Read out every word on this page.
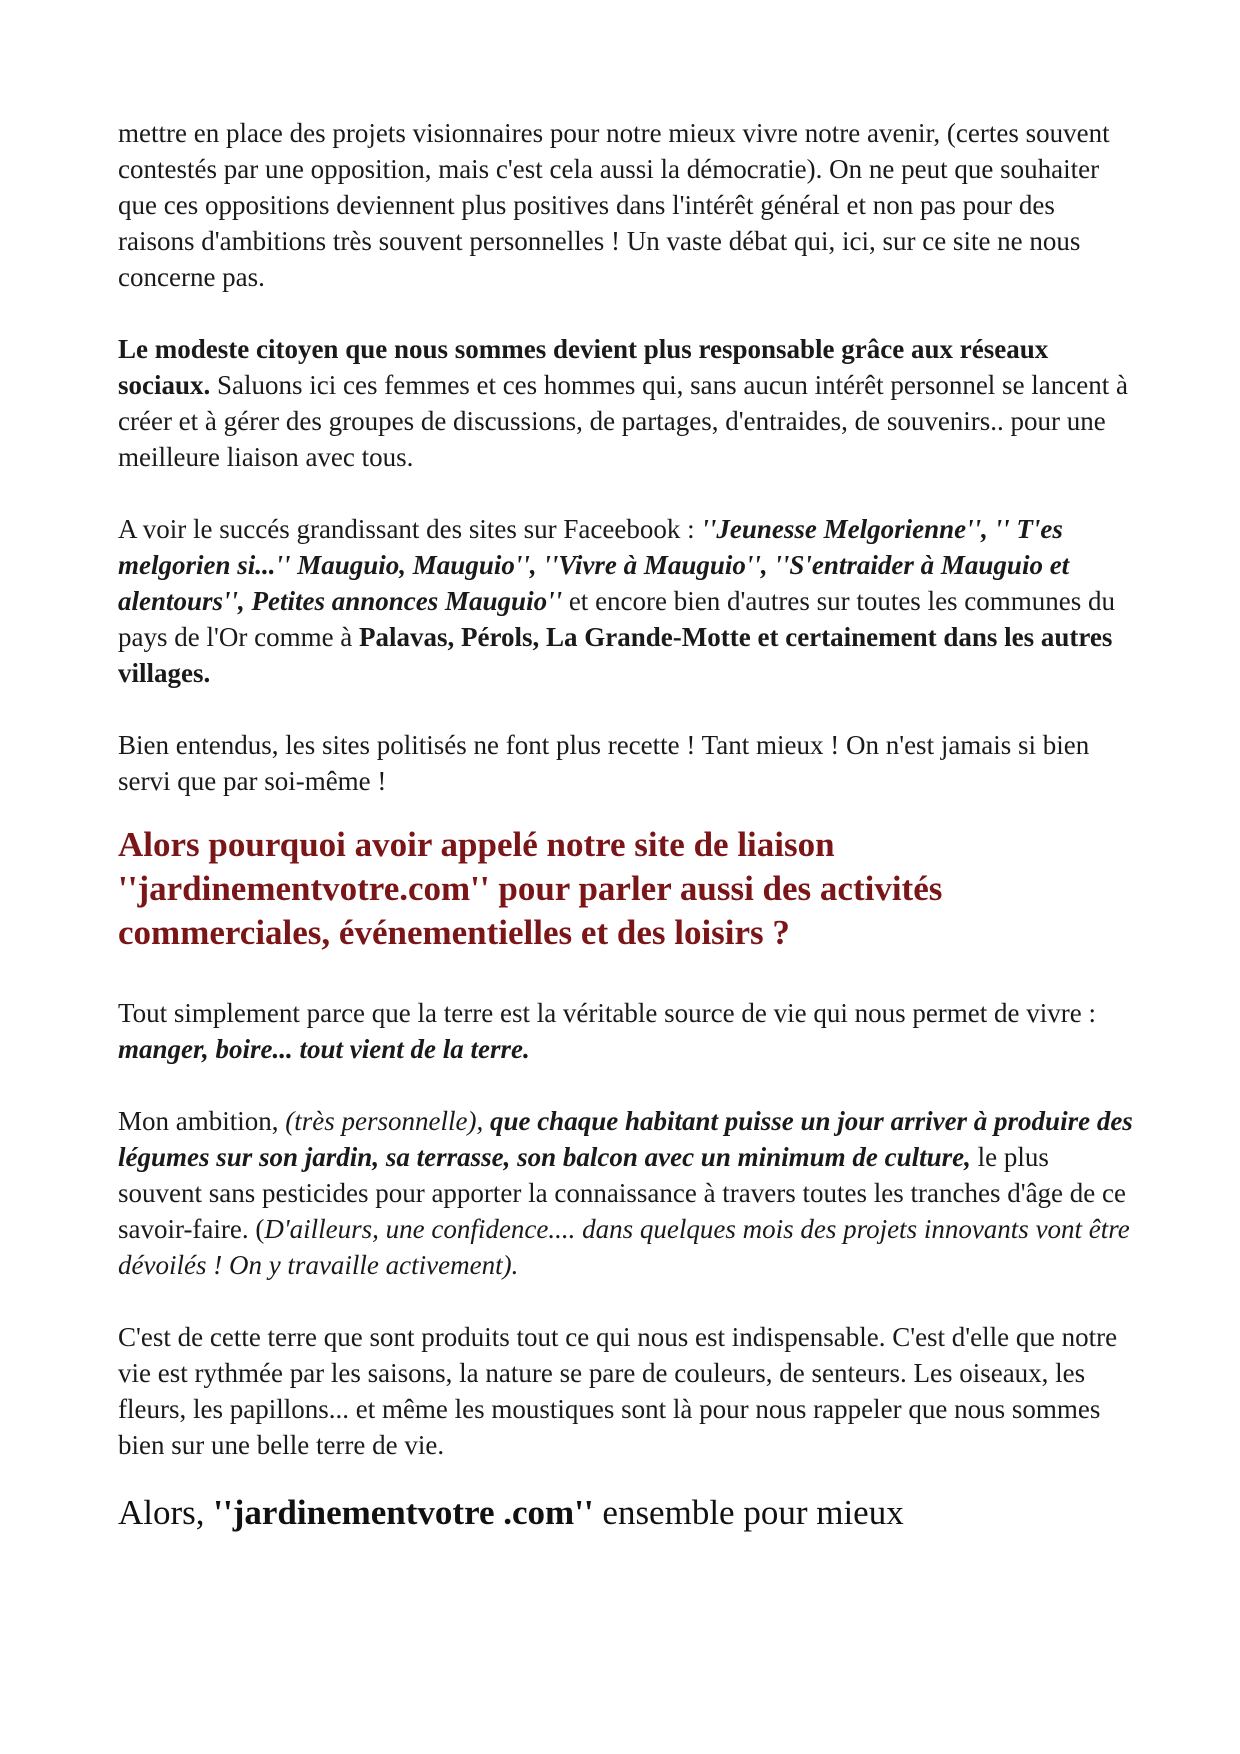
mettre en place des projets visionnaires pour notre mieux vivre notre avenir, (certes souvent contestés par une opposition, mais c'est cela aussi la démocratie). On ne peut que souhaiter que ces oppositions deviennent plus positives dans l'intérêt général et non pas pour des raisons d'ambitions très souvent personnelles ! Un vaste débat qui, ici, sur ce site ne nous concerne pas.

Le modeste citoyen que nous sommes devient plus responsable grâce aux réseaux sociaux. Saluons ici ces femmes et ces hommes qui, sans aucun intérêt personnel se lancent à créer et à gérer des groupes de discussions, de partages, d'entraides, de souvenirs.. pour une meilleure liaison avec tous.

A voir le succés grandissant des sites sur Faceebook : ''Jeunesse Melgorienne'', '' T'es melgorien si...'' Mauguio, Mauguio'', ''Vivre à Mauguio'', ''S'entraider à Mauguio et alentours'', Petites annonces Mauguio'' et encore bien d'autres sur toutes les communes du pays de l'Or comme à Palavas, Pérols, La Grande-Motte et certainement dans les autres villages.

Bien entendus, les sites politisés ne font plus recette ! Tant mieux ! On n'est jamais si bien servi que par soi-même !

Alors pourquoi avoir appelé notre site de liaison ''jardinementvotre.com'' pour parler aussi des activités commerciales, événementielles et des loisirs ?

Tout simplement parce que la terre est la véritable source de vie qui nous permet de vivre : manger, boire... tout vient de la terre.

Mon ambition, (très personnelle), que chaque habitant puisse un jour arriver à produire des légumes sur son jardin, sa terrasse, son balcon avec un minimum de culture, le plus souvent sans pesticides pour apporter la connaissance à travers toutes les tranches d'âge de ce savoir-faire. (D'ailleurs, une confidence.... dans quelques mois des projets innovants vont être dévoilés ! On y travaille activement).

C'est de cette terre que sont produits tout ce qui nous est indispensable. C'est d'elle que notre vie est rythmée par les saisons, la nature se pare de couleurs, de senteurs. Les oiseaux, les fleurs, les papillons... et même les moustiques sont là pour nous rappeler que nous sommes bien sur une belle terre de vie.

Alors, ''jardinementvotre .com'' ensemble pour mieux
